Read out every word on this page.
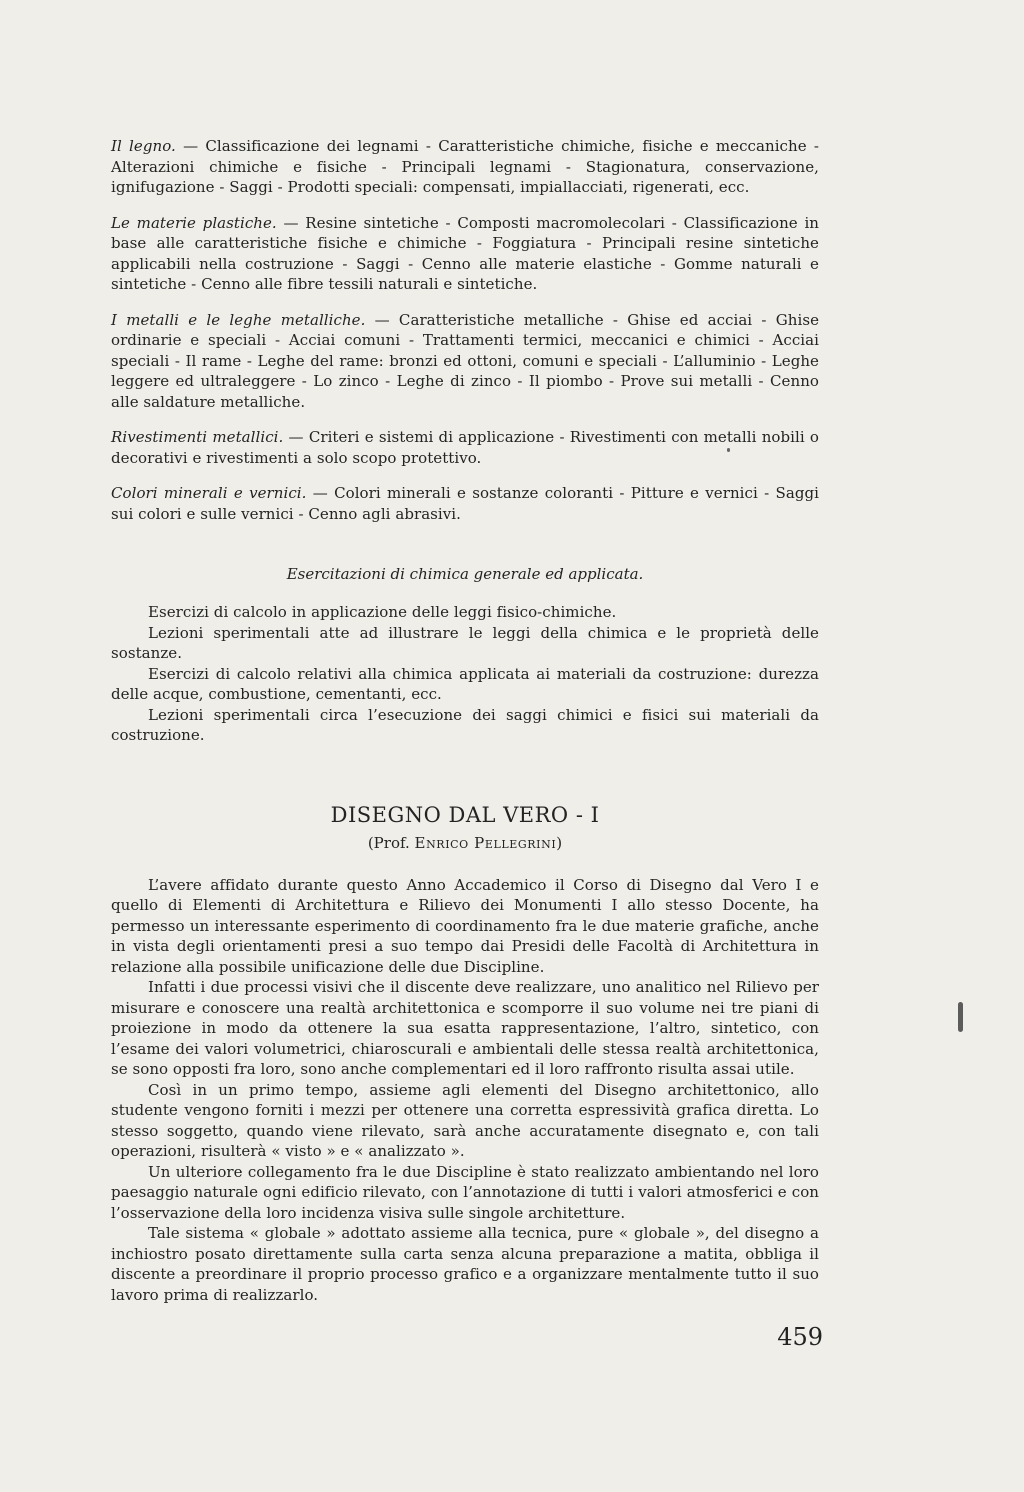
Il legno. — Classificazione dei legnami - Caratteristiche chimiche, fisiche e meccaniche - Alterazioni chimiche e fisiche - Principali legnami - Stagionatura, conservazione, ignifugazione - Saggi - Prodotti speciali: compensati, impiallacciati, rigenerati, ecc.

Le materie plastiche. — Resine sintetiche - Composti macromolecolari - Classificazione in base alle caratteristiche fisiche e chimiche - Foggiatura - Principali resine sintetiche applicabili nella costruzione - Saggi - Cenno alle materie elastiche - Gomme naturali e sintetiche - Cenno alle fibre tessili naturali e sintetiche.

I metalli e le leghe metalliche. — Caratteristiche metalliche - Ghise ed acciai - Ghise ordinarie e speciali - Acciai comuni - Trattamenti termici, meccanici e chimici - Acciai speciali - Il rame - Leghe del rame: bronzi ed ottoni, comuni e speciali - L’alluminio - Leghe leggere ed ultraleggere - Lo zinco - Leghe di zinco - Il piombo - Prove sui metalli - Cenno alle saldature metalliche.

Rivestimenti metallici. — Criteri e sistemi di applicazione - Rivestimenti con metalli nobili o decorativi e rivestimenti a solo scopo protettivo.

Colori minerali e vernici. — Colori minerali e sostanze coloranti - Pitture e vernici - Saggi sui colori e sulle vernici - Cenno agli abrasivi.

Esercitazioni di chimica generale ed applicata.

Esercizi di calcolo in applicazione delle leggi fisico-chimiche.

Lezioni sperimentali atte ad illustrare le leggi della chimica e le proprietà delle sostanze.

Esercizi di calcolo relativi alla chimica applicata ai materiali da costruzione: durezza delle acque, combustione, cementanti, ecc.

Lezioni sperimentali circa l’esecuzione dei saggi chimici e fisici sui materiali da costruzione.

DISEGNO DAL VERO - I
(Prof. Enrico Pellegrini)

L’avere affidato durante questo Anno Accademico il Corso di Disegno dal Vero I e quello di Elementi di Architettura e Rilievo dei Monumenti I allo stesso Docente, ha permesso un interessante esperimento di coordinamento fra le due materie grafiche, anche in vista degli orientamenti presi a suo tempo dai Presidi delle Facoltà di Architettura in relazione alla possibile unificazione delle due Discipline.

Infatti i due processi visivi che il discente deve realizzare, uno analitico nel Rilievo per misurare e conoscere una realtà architettonica e scomporre il suo volume nei tre piani di proiezione in modo da ottenere la sua esatta rappresentazione, l’altro, sintetico, con l’esame dei valori volumetrici, chiaroscurali e ambientali delle stessa realtà architettonica, se sono opposti fra loro, sono anche complementari ed il loro raffronto risulta assai utile.

Così in un primo tempo, assieme agli elementi del Disegno architettonico, allo studente vengono forniti i mezzi per ottenere una corretta espressività grafica diretta. Lo stesso soggetto, quando viene rilevato, sarà anche accuratamente disegnato e, con tali operazioni, risulterà « visto » e « analizzato ».

Un ulteriore collegamento fra le due Discipline è stato realizzato ambientando nel loro paesaggio naturale ogni edificio rilevato, con l’annotazione di tutti i valori atmosferici e con l’osservazione della loro incidenza visiva sulle singole architetture.

Tale sistema « globale » adottato assieme alla tecnica, pure « globale », del disegno a inchiostro posato direttamente sulla carta senza alcuna preparazione a matita, obbliga il discente a preordinare il proprio processo grafico e a organizzare mentalmente tutto il suo lavoro prima di realizzarlo.

459
